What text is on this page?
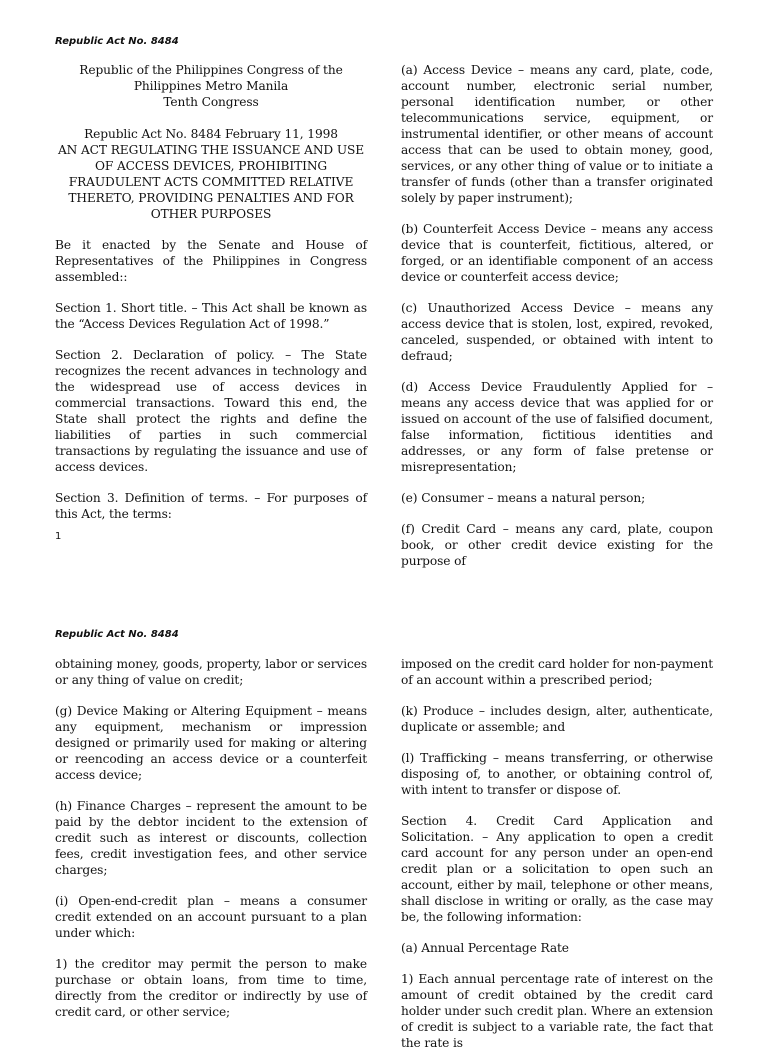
Republic Act No. 8484

Republic of the Philippines Congress of the Philippines Metro Manila

Tenth Congress

Republic Act No. 8484 February 11, 1998

AN ACT REGULATING THE ISSUANCE AND USE OF ACCESS DEVICES, PROHIBITING FRAUDULENT ACTS COMMITTED RELATIVE THERETO, PROVIDING PENALTIES AND FOR OTHER PURPOSES

Be it enacted by the Senate and House of Representatives of the Philippines in Congress assembled::

Section 1. Short title. – This Act shall be known as the “Access Devices Regulation Act of 1998.”

Section 2. Declaration of policy. – The State recognizes the recent advances in technology and the widespread use of access devices in commercial transactions. Toward this end, the State shall protect the rights and define the liabilities of parties in such commercial transactions by regulating the issuance and use of access devices.

Section 3. Definition of terms. – For purposes of this Act, the terms:

(a) Access Device – means any card, plate, code, account number, electronic serial number, personal identification number, or other telecommunications service, equipment, or instrumental identifier, or other means of account access that can be used to obtain money, good, services, or any other thing of value or to initiate a transfer of funds (other than a transfer originated solely by paper instrument);

(b) Counterfeit Access Device – means any access device that is counterfeit, fictitious, altered, or forged, or an identifiable component of an access device or counterfeit access device;

(c) Unauthorized Access Device – means any access device that is stolen, lost, expired, revoked, canceled, suspended, or obtained with intent to defraud;

(d) Access Device Fraudulently Applied for – means any access device that was applied for or issued on account of the use of falsified document, false information, fictitious identities and addresses, or any form of false pretense or misrepresentation;

(e) Consumer – means a natural person;

(f) Credit Card – means any card, plate, coupon book, or other credit device existing for the purpose of

1
Republic Act No. 8484

obtaining money, goods, property, labor or services or any thing of value on credit;

(g) Device Making or Altering Equipment – means any equipment, mechanism or impression designed or primarily used for making or altering or reencoding an access device or a counterfeit access device;

(h) Finance Charges – represent the amount to be paid by the debtor incident to the extension of credit such as interest or discounts, collection fees, credit investigation fees, and other service charges;

(i) Open-end-credit plan – means a consumer credit extended on an account pursuant to a plan under which:

1) the creditor may permit the person to make purchase or obtain loans, from time to time, directly from the creditor or indirectly by use of credit card, or other service;

imposed on the credit card holder for non-payment of an account within a prescribed period;

(k) Produce – includes design, alter, authenticate, duplicate or assemble; and

(l) Trafficking – means transferring, or otherwise disposing of, to another, or obtaining control of, with intent to transfer or dispose of.

Section 4. Credit Card Application and Solicitation. – Any application to open a credit card account for any person under an open-end credit plan or a solicitation to open such an account, either by mail, telephone or other means, shall disclose in writing or orally, as the case may be, the following information:

(a) Annual Percentage Rate

1) Each annual percentage rate of interest on the amount of credit obtained by the credit card holder under such credit plan. Where an extension of credit is subject to a variable rate, the fact that the rate is
